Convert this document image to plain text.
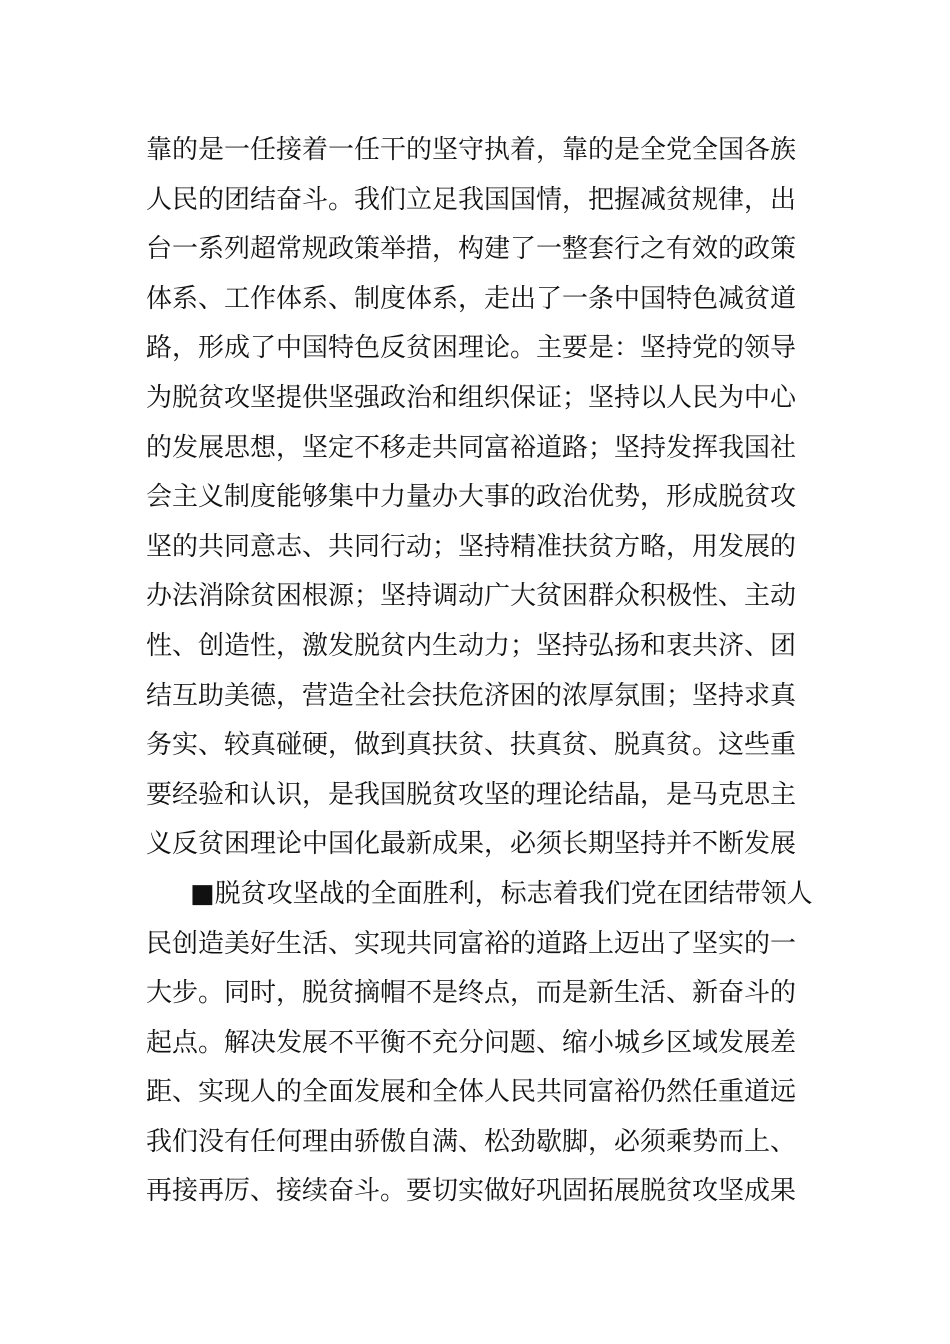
靠的是一任接着一任干的坚守执着，靠的是全党全国各族
人民的团结奋斗。我们立足我国国情，把握减贫规律，出
台一系列超常规政策举措，构建了一整套行之有效的政策
体系、工作体系、制度体系，走出了一条中国特色减贫道
路，形成了中国特色反贫困理论。主要是：坚持党的领导
为脱贫攻坚提供坚强政治和组织保证；坚持以人民为中心
的发展思想，坚定不移走共同富裕道路；坚持发挥我国社
会主义制度能够集中力量办大事的政治优势，形成脱贫攻
坚的共同意志、共同行动；坚持精准扶贫方略，用发展的
办法消除贫困根源；坚持调动广大贫困群众积极性、主动
性、创造性，激发脱贫内生动力；坚持弘扬和衷共济、团
结互助美德，营造全社会扶危济困的浓厚氛围；坚持求真
务实、较真碰硬，做到真扶贫、扶真贫、脱真贫。这些重
要经验和认识，是我国脱贫攻坚的理论结晶，是马克思主
义反贫困理论中国化最新成果，必须长期坚持并不断发展
■脱贫攻坚战的全面胜利，标志着我们党在团结带领人
民创造美好生活、实现共同富裕的道路上迈出了坚实的一
大步。同时，脱贫摘帽不是终点，而是新生活、新奋斗的
起点。解决发展不平衡不充分问题、缩小城乡区域发展差
距、实现人的全面发展和全体人民共同富裕仍然任重道远
我们没有任何理由骄傲自满、松劲歇脚，必须乘势而上、
再接再厉、接续奋斗。要切实做好巩固拓展脱贫攻坚成果
